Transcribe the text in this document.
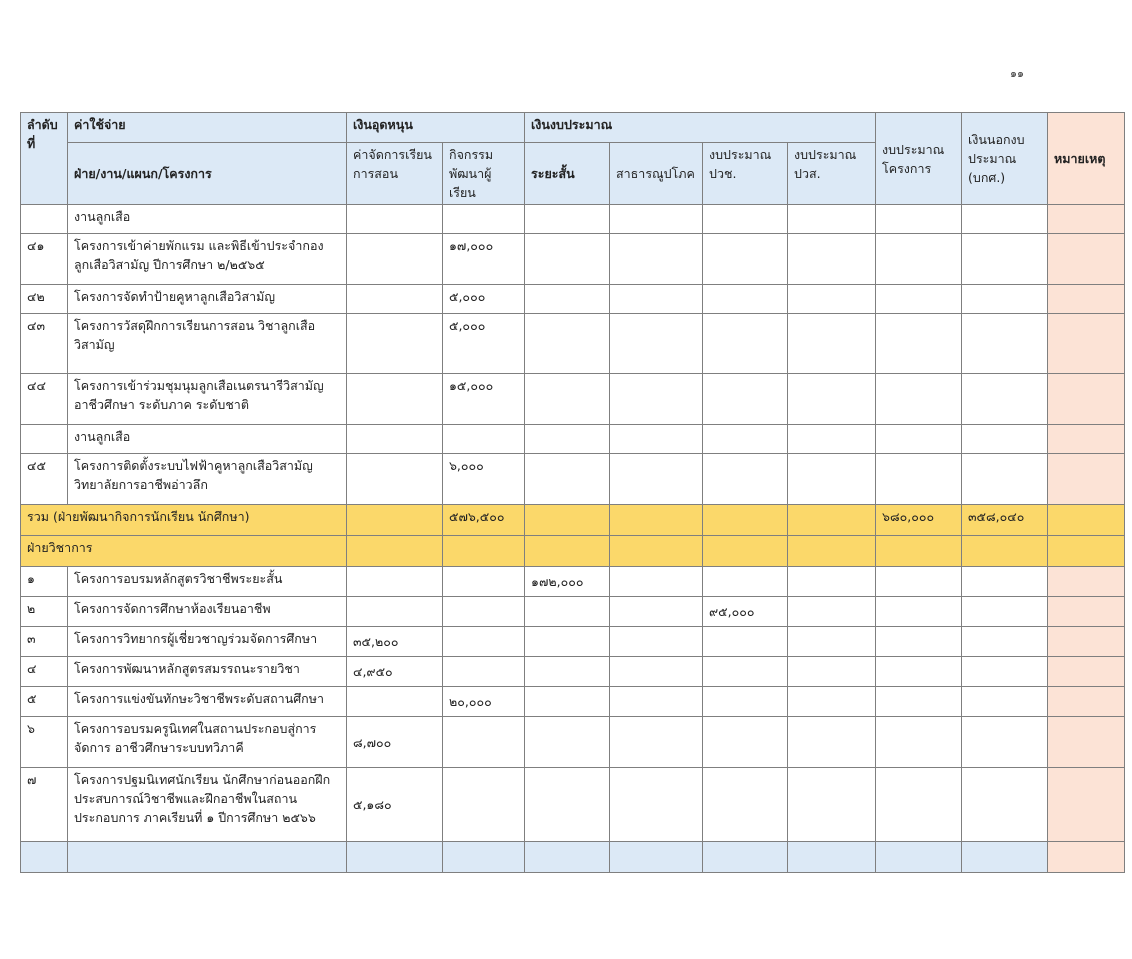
๑๑
ลำดับที่	ค่าใช้จ่าย	เงินอุดหนุน		เงินงบประมาณ				งบประมาณ โครงการ	เงินนอกงบประมาณ (บกศ.)	หมายเหตุ
	ฝ่าย/งาน/แผนก/โครงการ	ค่าจัดการเรียนการสอน	กิจกรรมพัฒนาผู้เรียน	ระยะสั้น	สาธารณูปโภค	งบประมาณ ปวช.	งบประมาณ ปวส.			
	งานลูกเสือ									
๔๑	โครงการเข้าค่ายพักแรม และพิธีเข้าประจำกอง ลูกเสือวิสามัญ ปีการศึกษา ๒/๒๕๖๕		๑๗,๐๐๐							
๔๒	โครงการจัดทำป้ายคูหาลูกเสือวิสามัญ		๕,๐๐๐							
๔๓	โครงการวัสดุฝึกการเรียนการสอน วิชาลูกเสือ วิสามัญ		๕,๐๐๐							
๔๔	โครงการเข้าร่วมชุมนุมลูกเสือเนตรนารีวิสามัญ อาชีวศึกษา ระดับภาค ระดับชาติ		๑๕,๐๐๐							
	งานลูกเสือ									
๔๕	โครงการติดตั้งระบบไฟฟ้าคูหาลูกเสือวิสามัญ วิทยาลัยการอาชีพอ่าวลึก		๖,๐๐๐							
รวม (ฝ่ายพัฒนากิจการนักเรียน นักศึกษา)			๕๗๖,๕๐๐					๖๘๐,๐๐๐	๓๕๘,๐๔๐	
ฝ่ายวิชาการ										
๑	โครงการอบรมหลักสูตรวิชาชีพระยะสั้น			๑๗๒,๐๐๐						
๒	โครงการจัดการศึกษาห้องเรียนอาชีพ					๙๕,๐๐๐				
๓	โครงการวิทยากรผู้เชี่ยวชาญร่วมจัดการศึกษา	๓๕,๒๐๐								
๔	โครงการพัฒนาหลักสูตรสมรรถนะรายวิชา	๔,๙๕๐								
๕	โครงการแข่งขันทักษะวิชาชีพระดับสถานศึกษา		๒๐,๐๐๐							
๖	โครงการอบรมครูนิเทศในสถานประกอบสู่การจัดการ อาชีวศึกษาระบบทวิภาคี	๘,๗๐๐								
๗	โครงการปฐมนิเทศนักเรียน นักศึกษาก่อนออกฝึก ประสบการณ์วิชาชีพและฝึกอาชีพในสถานประกอบการ ภาคเรียนที่ ๑ ปีการศึกษา ๒๕๖๖	๕,๑๘๐								
